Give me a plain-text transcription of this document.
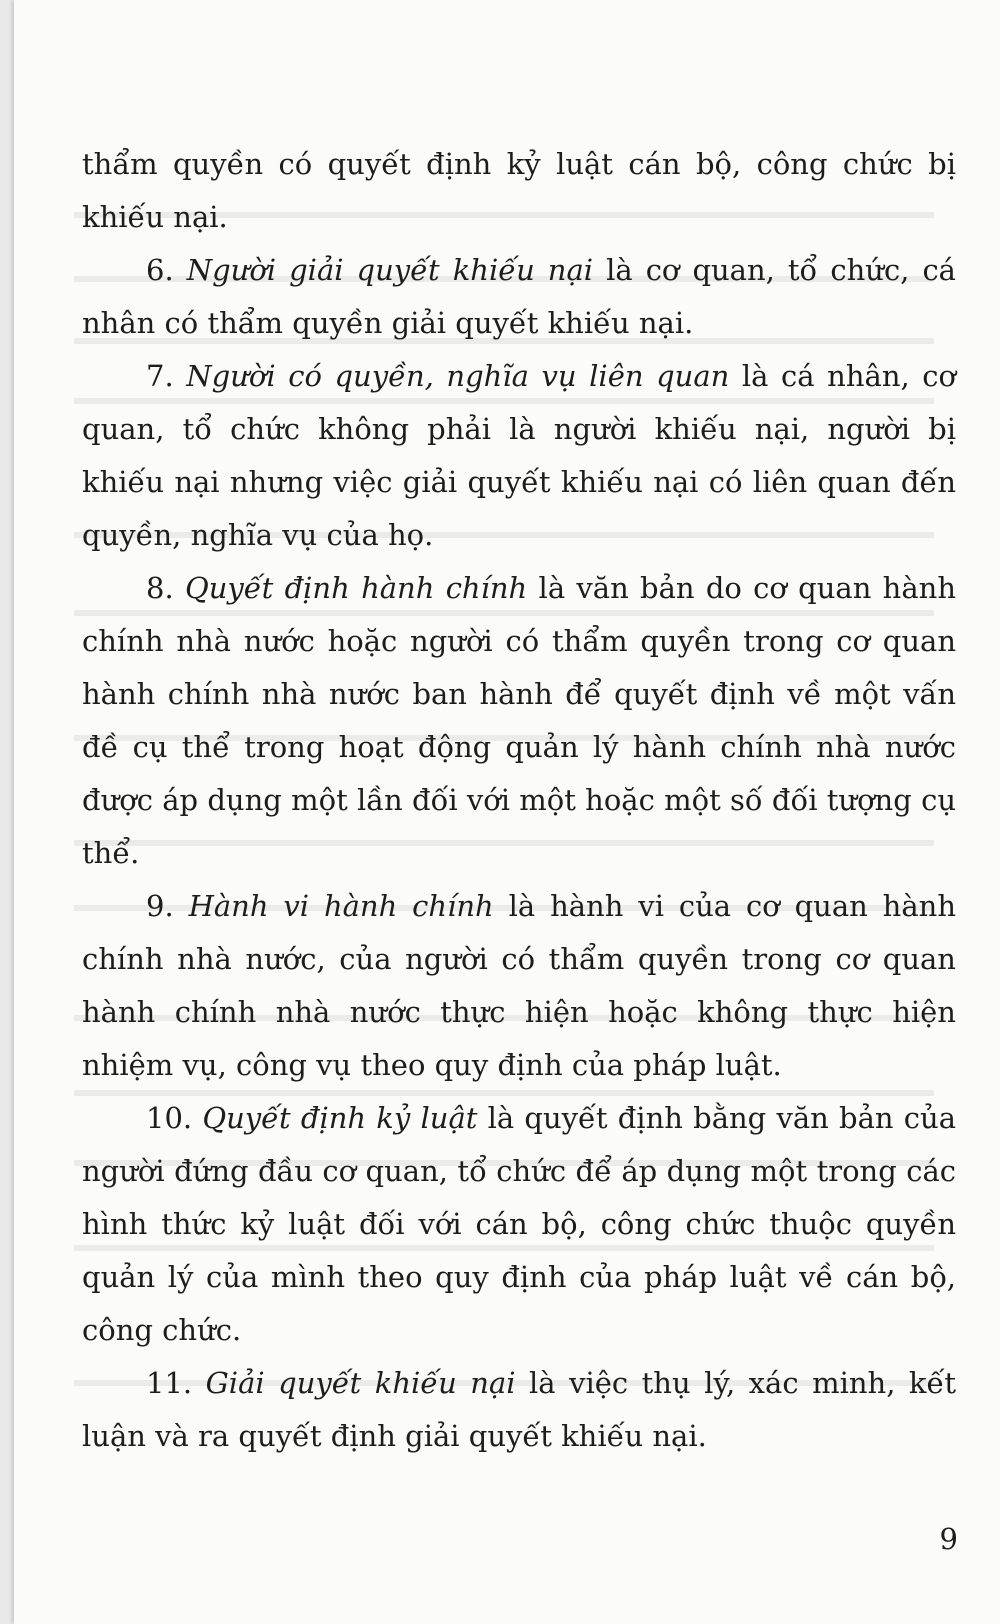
thẩm quyền có quyết định kỷ luật cán bộ, công chức bị khiếu nại.

6. Người giải quyết khiếu nại là cơ quan, tổ chức, cá nhân có thẩm quyền giải quyết khiếu nại.

7. Người có quyền, nghĩa vụ liên quan là cá nhân, cơ quan, tổ chức không phải là người khiếu nại, người bị khiếu nại nhưng việc giải quyết khiếu nại có liên quan đến quyền, nghĩa vụ của họ.

8. Quyết định hành chính là văn bản do cơ quan hành chính nhà nước hoặc người có thẩm quyền trong cơ quan hành chính nhà nước ban hành để quyết định về một vấn đề cụ thể trong hoạt động quản lý hành chính nhà nước được áp dụng một lần đối với một hoặc một số đối tượng cụ thể.

9. Hành vi hành chính là hành vi của cơ quan hành chính nhà nước, của người có thẩm quyền trong cơ quan hành chính nhà nước thực hiện hoặc không thực hiện nhiệm vụ, công vụ theo quy định của pháp luật.

10. Quyết định kỷ luật là quyết định bằng văn bản của người đứng đầu cơ quan, tổ chức để áp dụng một trong các hình thức kỷ luật đối với cán bộ, công chức thuộc quyền quản lý của mình theo quy định của pháp luật về cán bộ, công chức.

11. Giải quyết khiếu nại là việc thụ lý, xác minh, kết luận và ra quyết định giải quyết khiếu nại.

9
